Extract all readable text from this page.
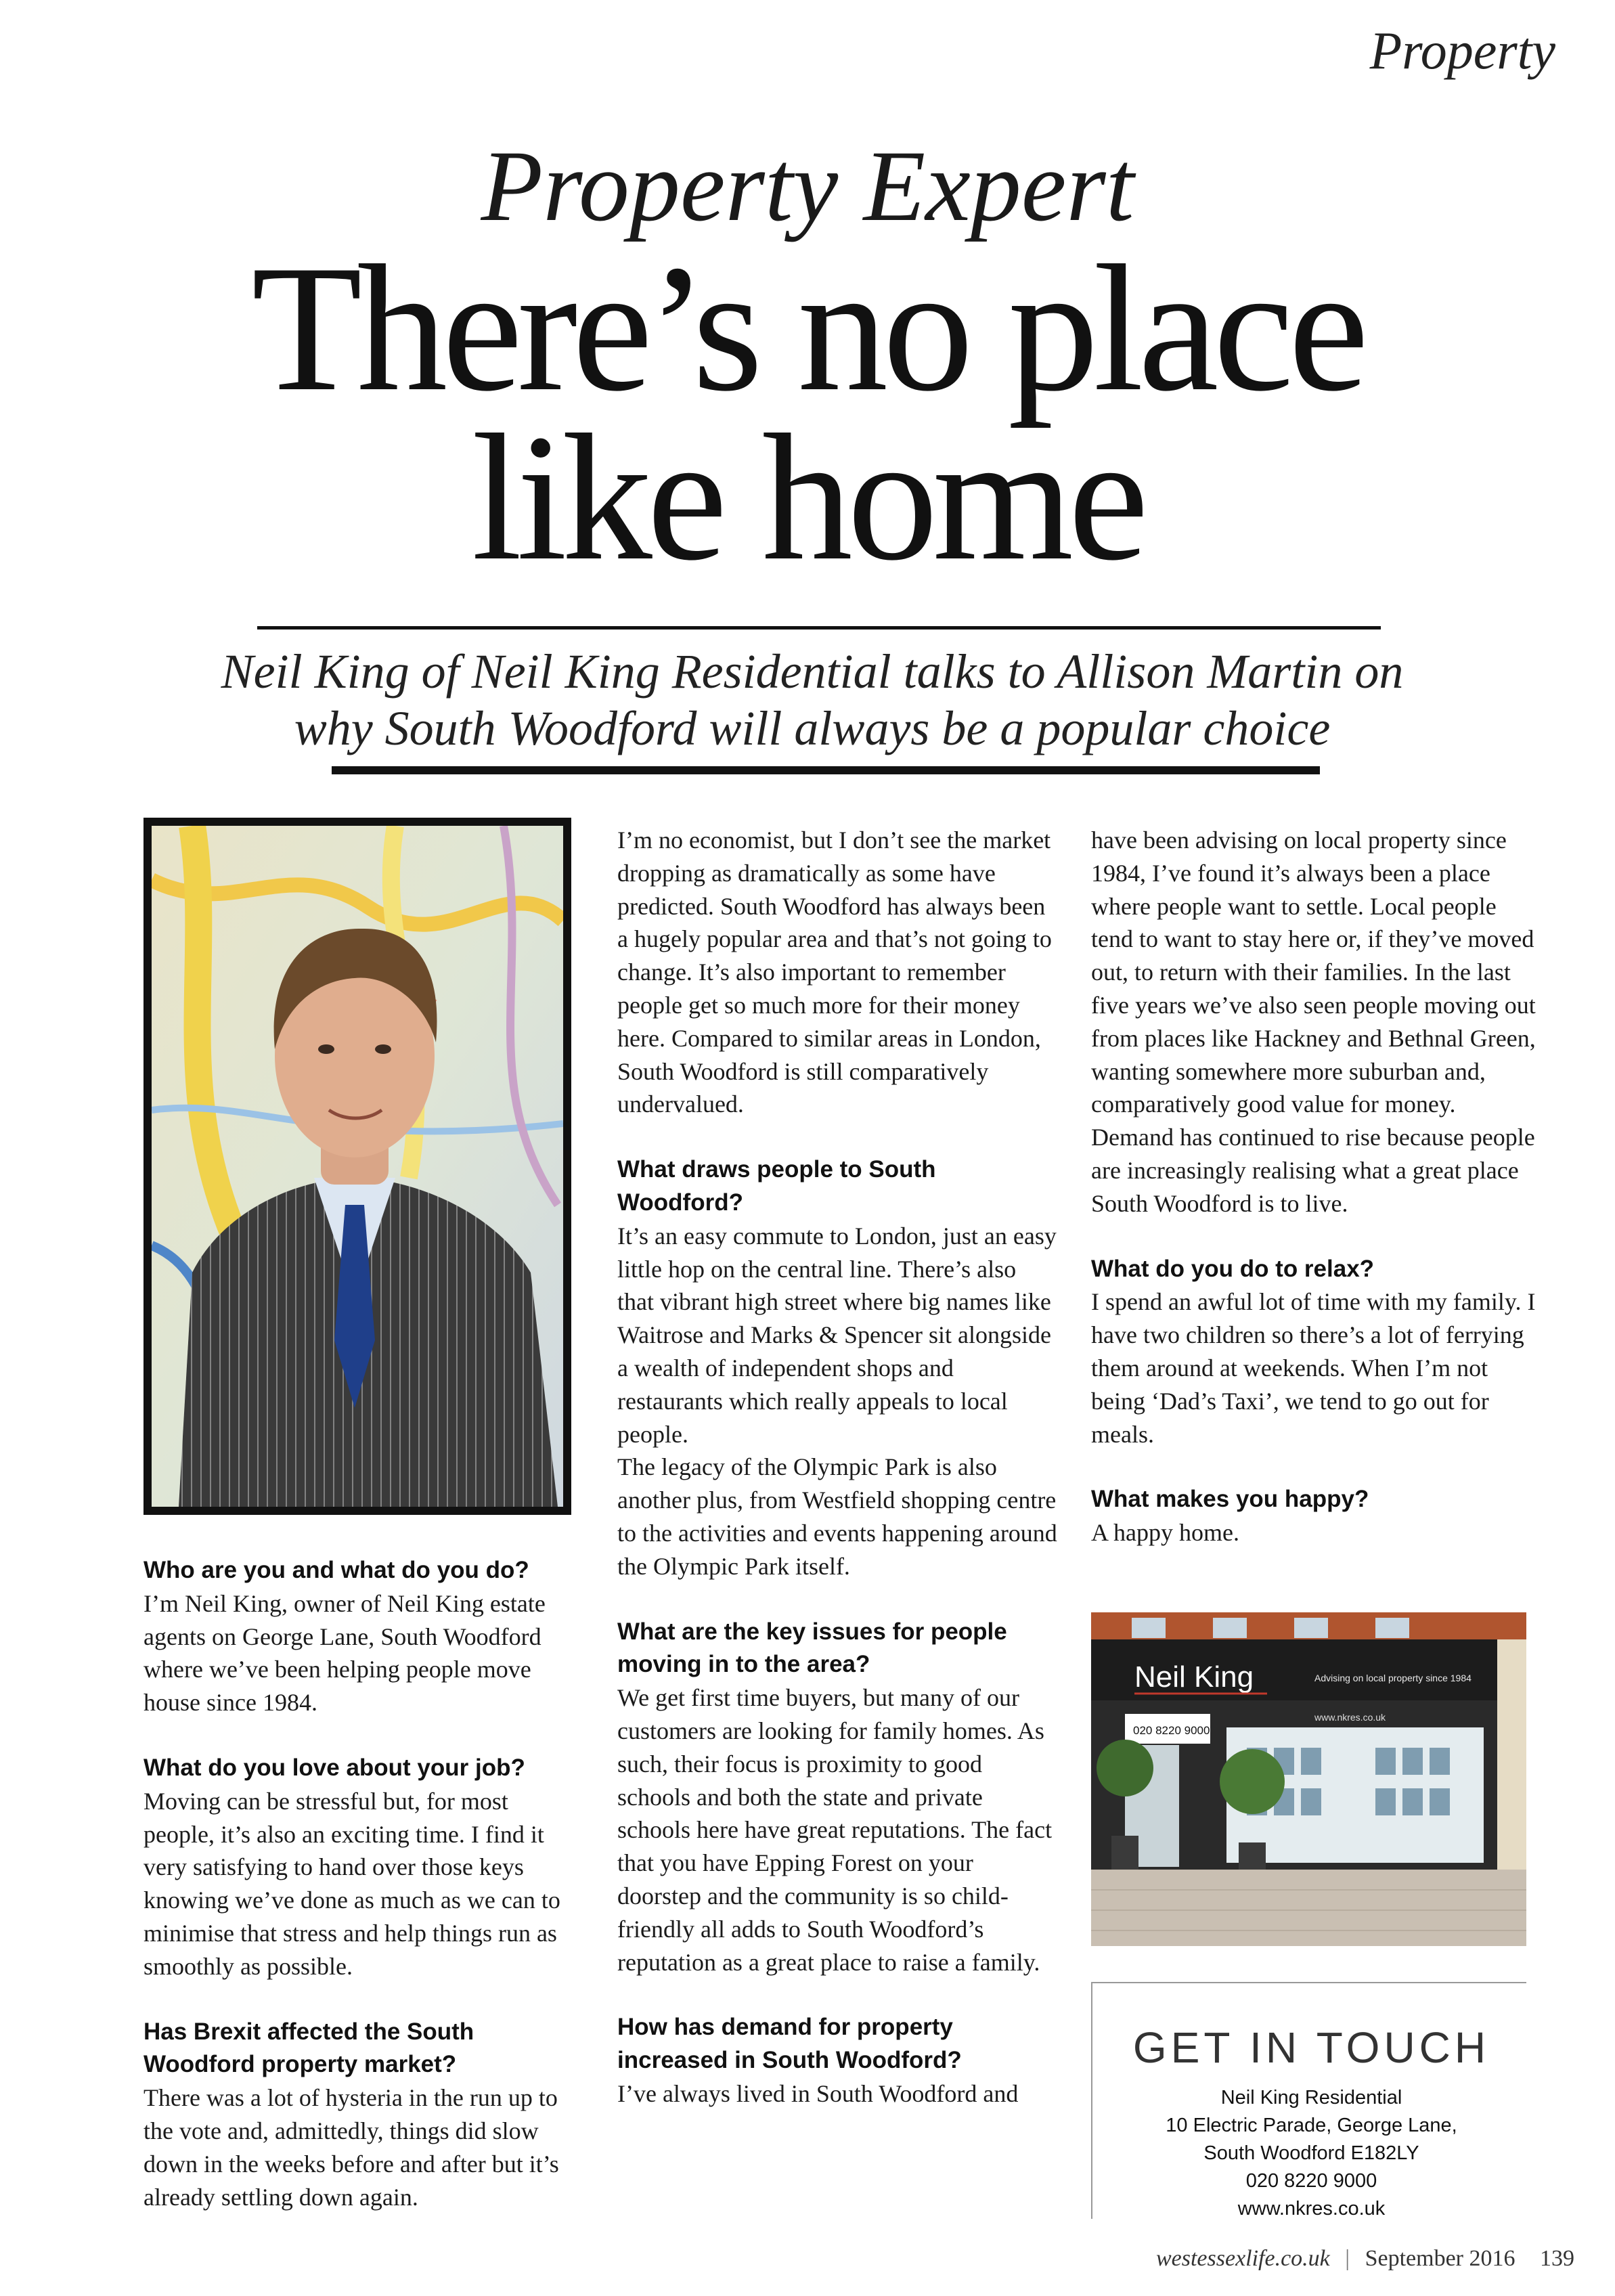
Property
Property Expert
There’s no place
like home
Neil King of Neil King Residential talks to Allison Martin on
why South Woodford will always be a popular choice
Who are you and what do you do?

I’m Neil King, owner of Neil King estate agents on George Lane, South Woodford where we’ve been helping people move house since 1984.

What do you love about your job?

Moving can be stressful but, for most people, it’s also an exciting time. I find it very satisfying to hand over those keys knowing we’ve done as much as we can to minimise that stress and help things run as smoothly as possible.

Has Brexit affected the South Woodford property market?

There was a lot of hysteria in the run up to the vote and, admittedly, things did slow down in the weeks before and after but it’s already settling down again.

I’m no economist, but I don’t see the market dropping as dramatically as some have predicted. South Woodford has always been a hugely popular area and that’s not going to change. It’s also important to remember people get so much more for their money here. Compared to similar areas in London, South Woodford is still comparatively undervalued.

What draws people to South Woodford?

It’s an easy commute to London, just an easy little hop on the central line. There’s also that vibrant high street where big names like Waitrose and Marks & Spencer sit alongside a wealth of independent shops and restaurants which really appeals to local people.

The legacy of the Olympic Park is also another plus, from Westfield shopping centre to the activities and events happening around the Olympic Park itself.

What are the key issues for people moving in to the area?

We get first time buyers, but many of our customers are looking for family homes. As such, their focus is proximity to good schools and both the state and private schools here have great reputations. The fact that you have Epping Forest on your doorstep and the community is so child-friendly all adds to South Woodford’s reputation as a great place to raise a family.

How has demand for property increased in South Woodford?

I’ve always lived in South Woodford and

have been advising on local property since 1984, I’ve found it’s always been a place where people want to settle. Local people tend to want to stay here or, if they’ve moved out, to return with their families. In the last five years we’ve also seen people moving out from places like Hackney and Bethnal Green, wanting somewhere more suburban and, comparatively good value for money. Demand has continued to rise because people are increasingly realising what a great place South Woodford is to live.

What do you do to relax?

I spend an awful lot of time with my family. I have two children so there’s a lot of ferrying them around at weekends. When I’m not being ‘Dad’s Taxi’, we tend to go out for meals.

What makes you happy?

A happy home.

Neil King	Advising on local property since 1984
020 8220 9000
www.nkres.co.uk
GET IN TOUCH
Neil King Residential
10 Electric Parade, George Lane,
South Woodford E182LY
020 8220 9000
www.nkres.co.uk
westessexlife.co.uk | September 2016 139
